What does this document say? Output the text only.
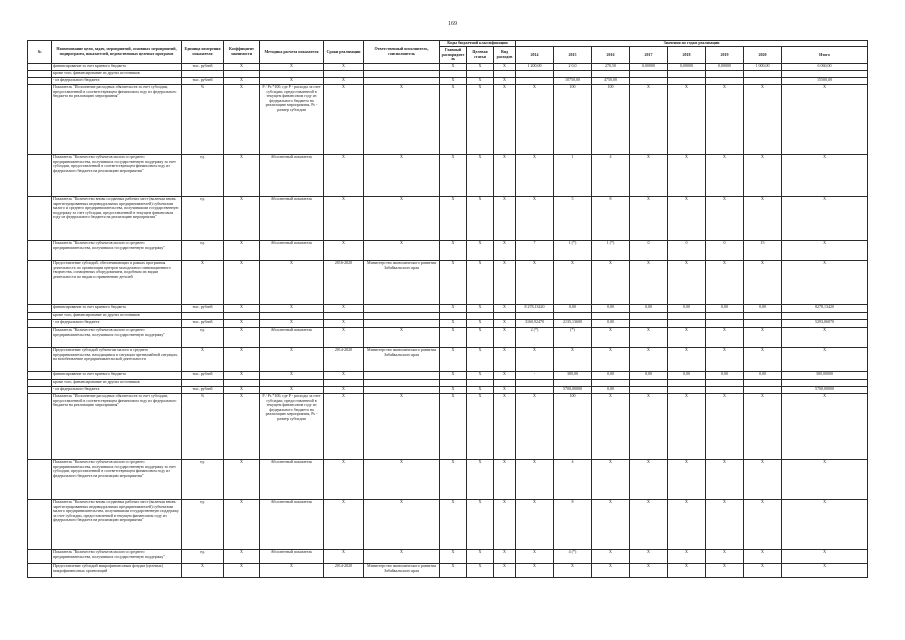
169
№	Наименование цели, задач, мероприятий, основных мероприятий, подпрограмм, показателей, ведомственных целевых программ	Единица измерения показателя	Коэффициент значимости	Методика расчета показателя	Сроки реализации	Ответственный исполнитель, соисполнитель	Коды бюджетной классификации			Значения по годам реализации							
							Главный распорядитель	Целевая статья	Вид расходов	2014	2015	2016	2017	2018	2019	2020	Итого
	финансирование за счет краевого бюджета	тыс. рублей	X	X	X		X	X	X	1 200,00	2 0,0	270,50	0,00000	0,00000	0,00000	1 000,00	6 060,00
	кроме того, финансирование из других источников																
	- из федерального бюджета	тыс. рублей	X	X	X		X	X	X		10750,00	4750,00					15500,00
	Показатель "Исполнение расходных обязательств за счет субсидии, предоставленной в соответствующем финансовом году из федерального бюджета на реализацию мероприятия"	%	X	P / Ps *100, где P - расходы за счет субсидии, предоставленной в текущем финансовом году из федерального бюджета на реализацию мероприятия, Ps - размер субсидии	X	X	X	X	X	X	100	100	X	X	X	X	X
	Показатель "Количество субъектов малого и среднего предпринимательства, получивших государственную поддержку за счет субсидии, предоставленной в соответствующем финансовом году из федерального бюджета на реализацию мероприятия"	ед.	X	Абсолютный показатель	X	X	X	X	X	X	1	4	X	X	X	X	X
	Показатель "Количество вновь созданных рабочих мест (включая вновь зарегистрированных индивидуальных предпринимателей) субъектами малого и среднего предпринимательства, получившими государственную поддержку за счет субсидии, предоставленной в текущем финансовом году из федерального бюджета на реализацию мероприятия"	ед.	X	Абсолютный показатель	X	X	X	X	X	X	5	8	X	X	X	X	X
	Показатель "Количество субъектов малого и среднего предпринимательства, получивших государственную поддержку"	ед.	X	Абсолютный показатель	X	X	X	X	X	7	1 (*)	1 (*)	0	0	0	15	X
	Предоставление субсидий, обеспечивающих в рамках программы деятельность по организации центров молодежного инновационного творчества, оснащенных оборудованием, подобным их видам деятельности по видам и применению деталей	X	X	X	2016-2020	Министерство экономического развития Забайкальского края	X	X	X	X	X	X	X	X	X	X	X
	финансирование за счет краевого бюджета	тыс. рублей	X	X	X		X	X	X	8 278,13420	0,00	0,00	0,00	0,00	0,00	0,00	8278,13420
	кроме того, финансирование из других источников																
	- из федерального бюджета	тыс. рублей	X	X	X		X	X	X	3160,92470	2135,13600	0,00					5293,06070
	Показатель "Количество субъектов малого и среднего предпринимательства, получивших государственную поддержку"	ед.	X	Абсолютный показатель	X	X	X	X	X	2 (*)	(*)	X	X	X	X	X	X
	Предоставление субсидий субъектам малого и среднего предпринимательства, находящимся в ситуации чрезвычайной ситуации, на возобновление предпринимательской деятельности	X	X	X	2014-2020	Министерство экономического развития Забайкальского края	X	X	X	X	X	X	X	X	X	X	X
	финансирование за счет краевого бюджета	тыс. рублей	X	X	X		X	X	X	-	300,00	0,00	0,00	0,00	0,00	0,00	300,00000
	кроме того, финансирование из других источников																
	- из федерального бюджета	тыс. рублей	X	X	X		X	X	X		5700,00000	0,00					5700,00000
	Показатель "Исполнение расходных обязательств за счет субсидии, предоставленной в соответствующем финансовом году из федерального бюджета на реализацию мероприятия"	%	X	P / Ps *100, где P - расходы за счет субсидии, предоставленной в текущем финансовом году из федерального бюджета на реализацию мероприятия, Ps - размер субсидии	X	X	X	X	X	X	100	X	X	X	X	X	X
	Показатель "Количество субъектов малого и среднего предпринимательства, получивших государственную поддержку за счет субсидии, предоставленной в соответствующем финансовом году из федерального бюджета на реализацию мероприятия"	ед.	X	Абсолютный показатель	X	X	X	X	X	X	4	X	X	X	X	X	X
	Показатель "Количество вновь созданных рабочих мест (включая вновь зарегистрированных индивидуальных предпринимателей) субъектами малого предпринимательства, получившими государственную поддержку за счет субсидии, предоставленной в текущем финансовом году из федерального бюджета на реализацию мероприятия"	ед.	X	Абсолютный показатель	X	X	X	X	X	X	8	X	X	X	X	X	X
	Показатель "Количество субъектов малого и среднего предпринимательства, получивших государственную поддержку"	ед.	X	Абсолютный показатель	X	X	X	X	X	X	4 (*)	X	X	X	X	X	X
	Предоставление субсидий микрофинансовым фондам (целевых) микрофинансовых организаций	X	X	X	2014-2020	Министерство экономического развития Забайкальского края	X	X	X	X	X	X	X	X	X	X	X
